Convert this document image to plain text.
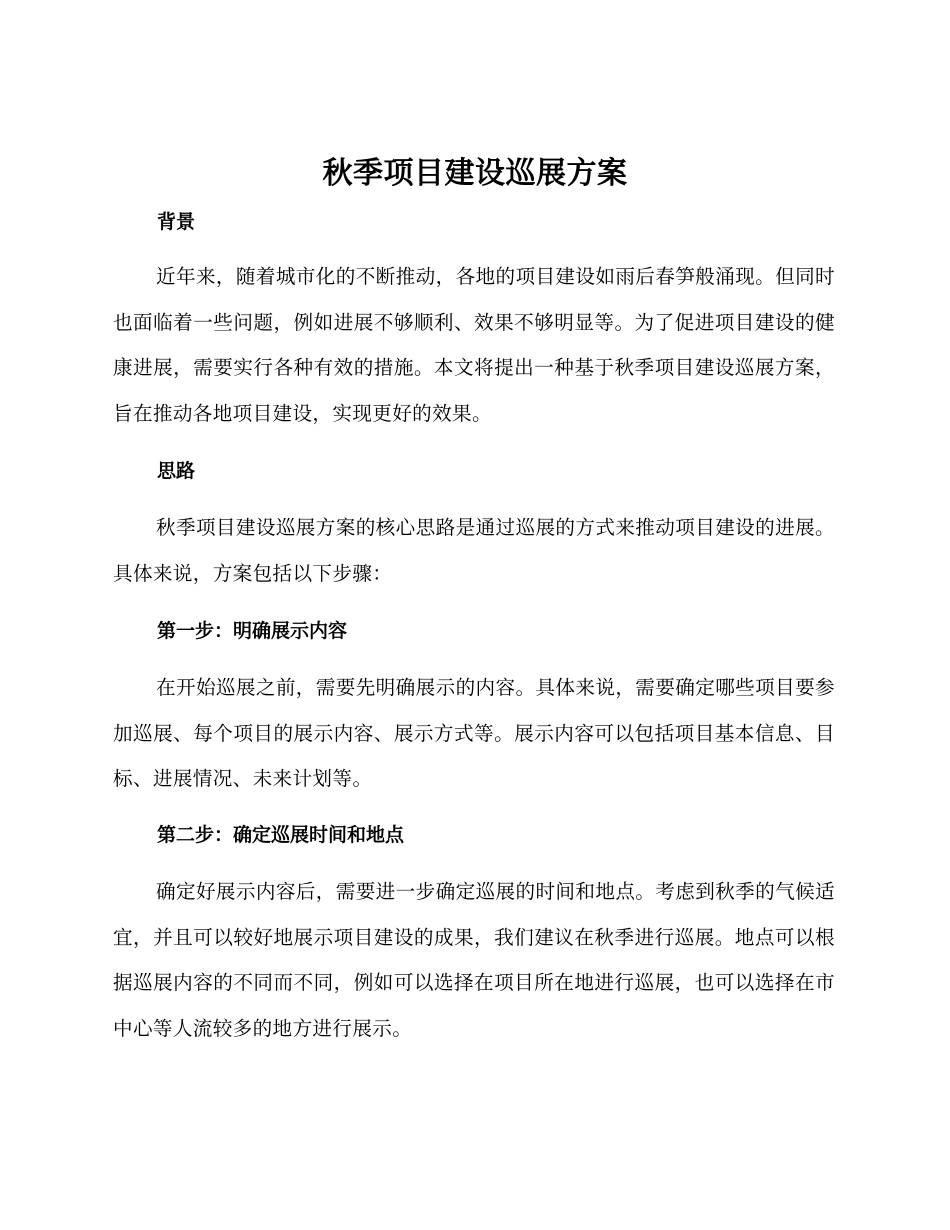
秋季项目建设巡展方案
背景

近年来，随着城市化的不断推动，各地的项目建设如雨后春笋般涌现。但同时也面临着一些问题，例如进展不够顺利、效果不够明显等。为了促进项目建设的健康进展，需要实行各种有效的措施。本文将提出一种基于秋季项目建设巡展方案，旨在推动各地项目建设，实现更好的效果。

思路

秋季项目建设巡展方案的核心思路是通过巡展的方式来推动项目建设的进展。具体来说，方案包括以下步骤：

第一步：明确展示内容

在开始巡展之前，需要先明确展示的内容。具体来说，需要确定哪些项目要参加巡展、每个项目的展示内容、展示方式等。展示内容可以包括项目基本信息、目标、进展情况、未来计划等。

第二步：确定巡展时间和地点

确定好展示内容后，需要进一步确定巡展的时间和地点。考虑到秋季的气候适宜，并且可以较好地展示项目建设的成果，我们建议在秋季进行巡展。地点可以根据巡展内容的不同而不同，例如可以选择在项目所在地进行巡展，也可以选择在市中心等人流较多的地方进行展示。
